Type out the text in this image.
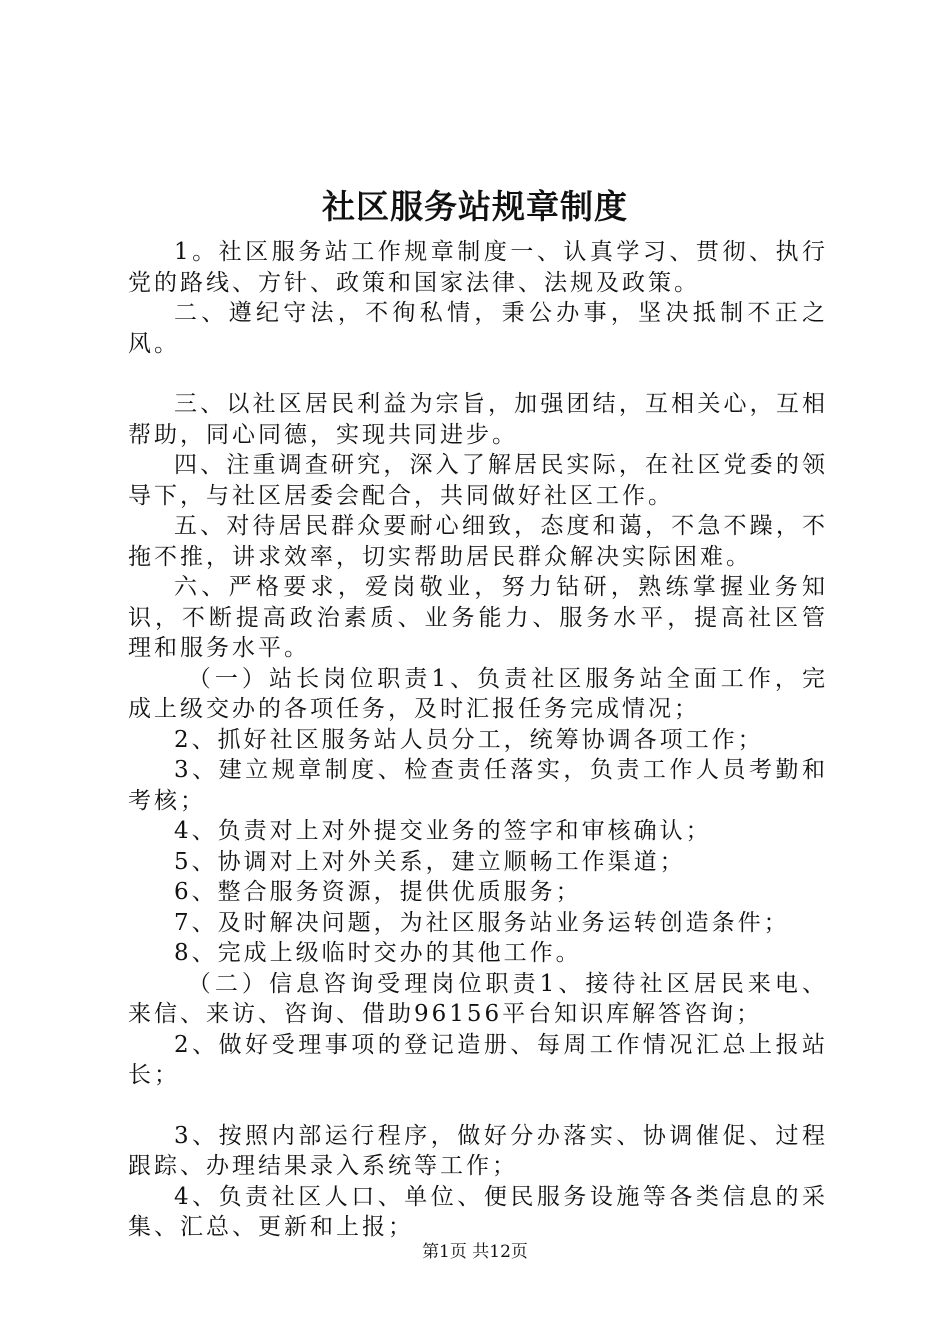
社区服务站规章制度

1。社区服务站工作规章制度一、认真学习、贯彻、执行党的路线、方针、政策和国家法律、法规及政策。

二、遵纪守法，不徇私情，秉公办事，坚决抵制不正之风。

三、以社区居民利益为宗旨，加强团结，互相关心，互相帮助，同心同德，实现共同进步。

四、注重调查研究，深入了解居民实际，在社区党委的领导下，与社区居委会配合，共同做好社区工作。

五、对待居民群众要耐心细致，态度和蔼，不急不躁，不拖不推，讲求效率，切实帮助居民群众解决实际困难。

六、严格要求，爱岗敬业，努力钻研，熟练掌握业务知识，不断提高政治素质、业务能力、服务水平，提高社区管理和服务水平。

（一）站长岗位职责1、负责社区服务站全面工作，完成上级交办的各项任务，及时汇报任务完成情况；

2、抓好社区服务站人员分工，统筹协调各项工作；

3、建立规章制度、检查责任落实，负责工作人员考勤和考核；

4、负责对上对外提交业务的签字和审核确认；

5、协调对上对外关系，建立顺畅工作渠道；

6、整合服务资源，提供优质服务；

7、及时解决问题，为社区服务站业务运转创造条件；

8、完成上级临时交办的其他工作。

（二）信息咨询受理岗位职责1、接待社区居民来电、来信、来访、咨询、借助96156平台知识库解答咨询；

2、做好受理事项的登记造册、每周工作情况汇总上报站长；

3、按照内部运行程序，做好分办落实、协调催促、过程跟踪、办理结果录入系统等工作；

4、负责社区人口、单位、便民服务设施等各类信息的采集、汇总、更新和上报；

第1页 共12页
